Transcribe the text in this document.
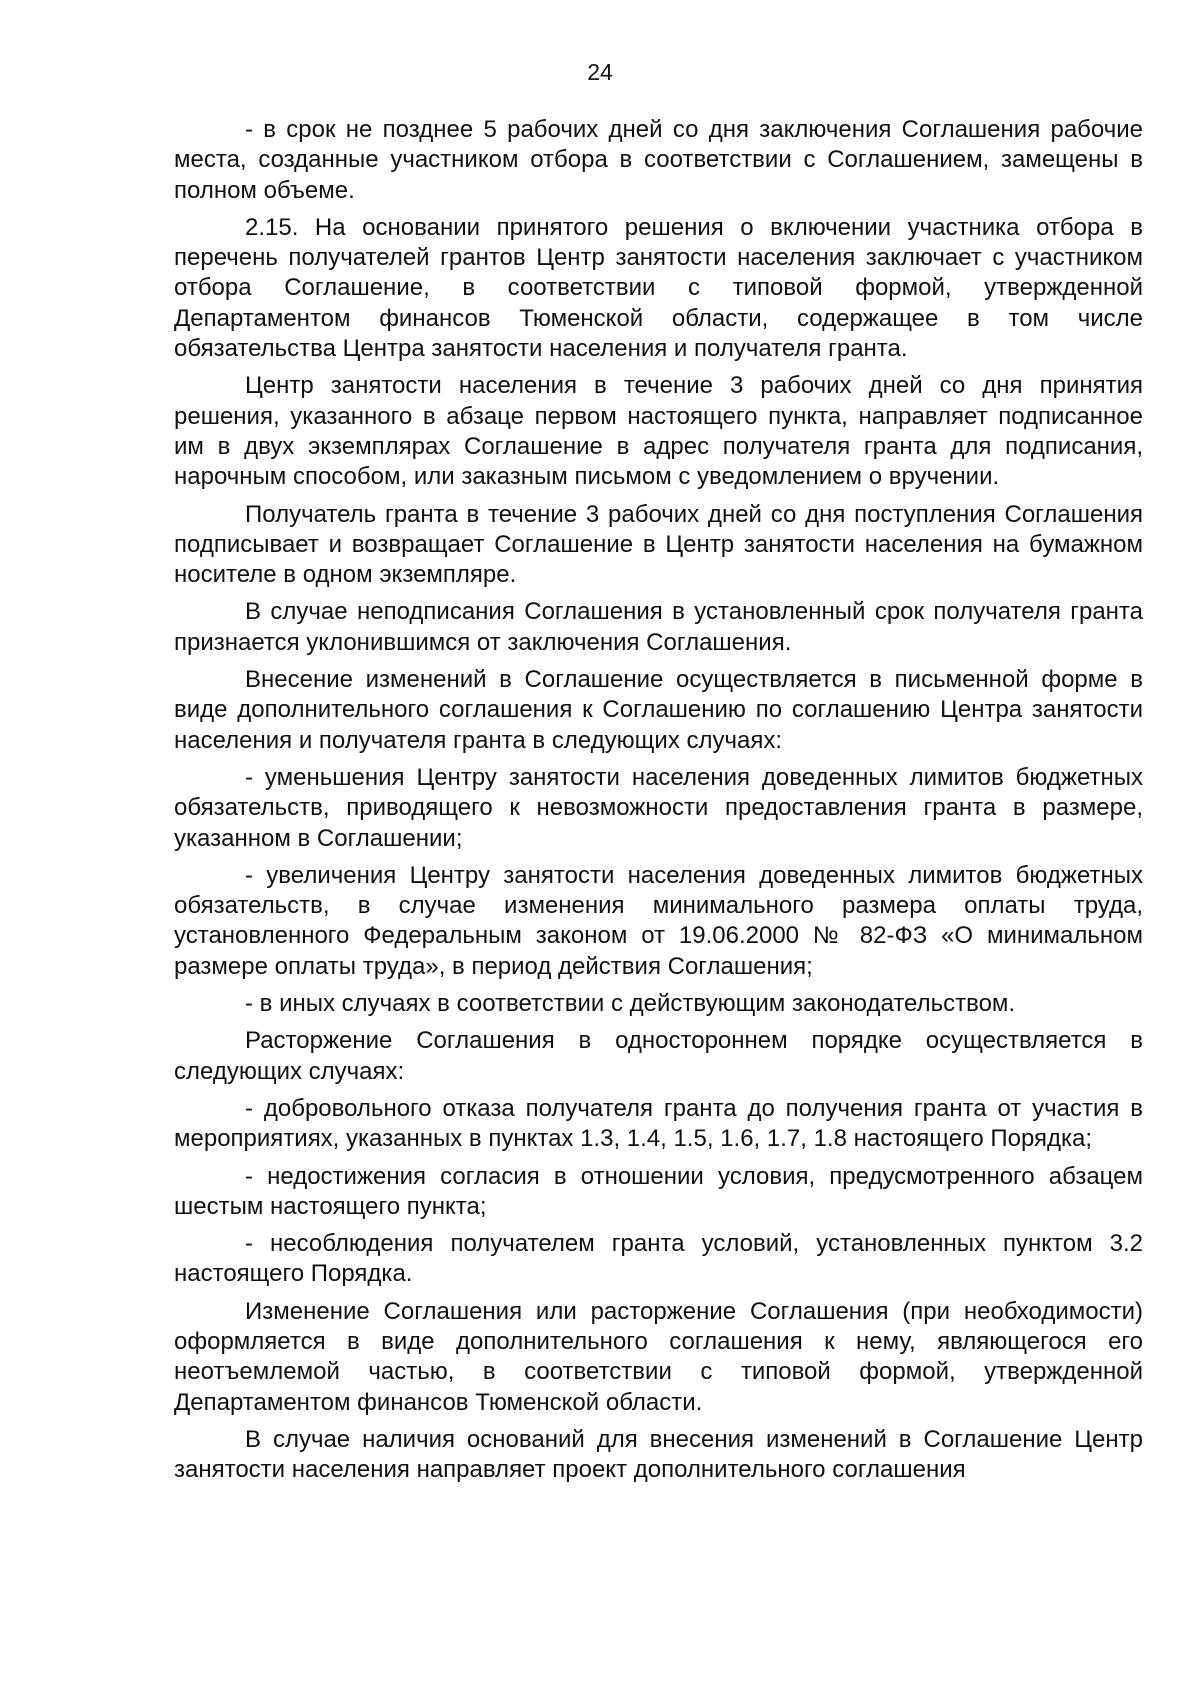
24

- в срок не позднее 5 рабочих дней со дня заключения Соглашения рабочие места, созданные участником отбора в соответствии с Соглашением, замещены в полном объеме.

2.15. На основании принятого решения о включении участника отбора в перечень получателей грантов Центр занятости населения заключает с участником отбора Соглашение, в соответствии с типовой формой, утвержденной Департаментом финансов Тюменской области, содержащее в том числе обязательства Центра занятости населения и получателя гранта.

Центр занятости населения в течение 3 рабочих дней со дня принятия решения, указанного в абзаце первом настоящего пункта, направляет подписанное им в двух экземплярах Соглашение в адрес получателя гранта для подписания, нарочным способом, или заказным письмом с уведомлением о вручении.

Получатель гранта в течение 3 рабочих дней со дня поступления Соглашения подписывает и возвращает Соглашение в Центр занятости населения на бумажном носителе в одном экземпляре.

В случае неподписания Соглашения в установленный срок получателя гранта признается уклонившимся от заключения Соглашения.

Внесение изменений в Соглашение осуществляется в письменной форме в виде дополнительного соглашения к Соглашению по соглашению Центра занятости населения и получателя гранта в следующих случаях:

- уменьшения Центру занятости населения доведенных лимитов бюджетных обязательств, приводящего к невозможности предоставления гранта в размере, указанном в Соглашении;

- увеличения Центру занятости населения доведенных лимитов бюджетных обязательств, в случае изменения минимального размера оплаты труда, установленного Федеральным законом от 19.06.2000 № 82-ФЗ «О минимальном размере оплаты труда», в период действия Соглашения;

- в иных случаях в соответствии с действующим законодательством.

Расторжение Соглашения в одностороннем порядке осуществляется в следующих случаях:

- добровольного отказа получателя гранта до получения гранта от участия в мероприятиях, указанных в пунктах 1.3, 1.4, 1.5, 1.6, 1.7, 1.8 настоящего Порядка;

- недостижения согласия в отношении условия, предусмотренного абзацем шестым настоящего пункта;

- несоблюдения получателем гранта условий, установленных пунктом 3.2 настоящего Порядка.

Изменение Соглашения или расторжение Соглашения (при необходимости) оформляется в виде дополнительного соглашения к нему, являющегося его неотъемлемой частью, в соответствии с типовой формой, утвержденной Департаментом финансов Тюменской области.

В случае наличия оснований для внесения изменений в Соглашение Центр занятости населения направляет проект дополнительного соглашения
